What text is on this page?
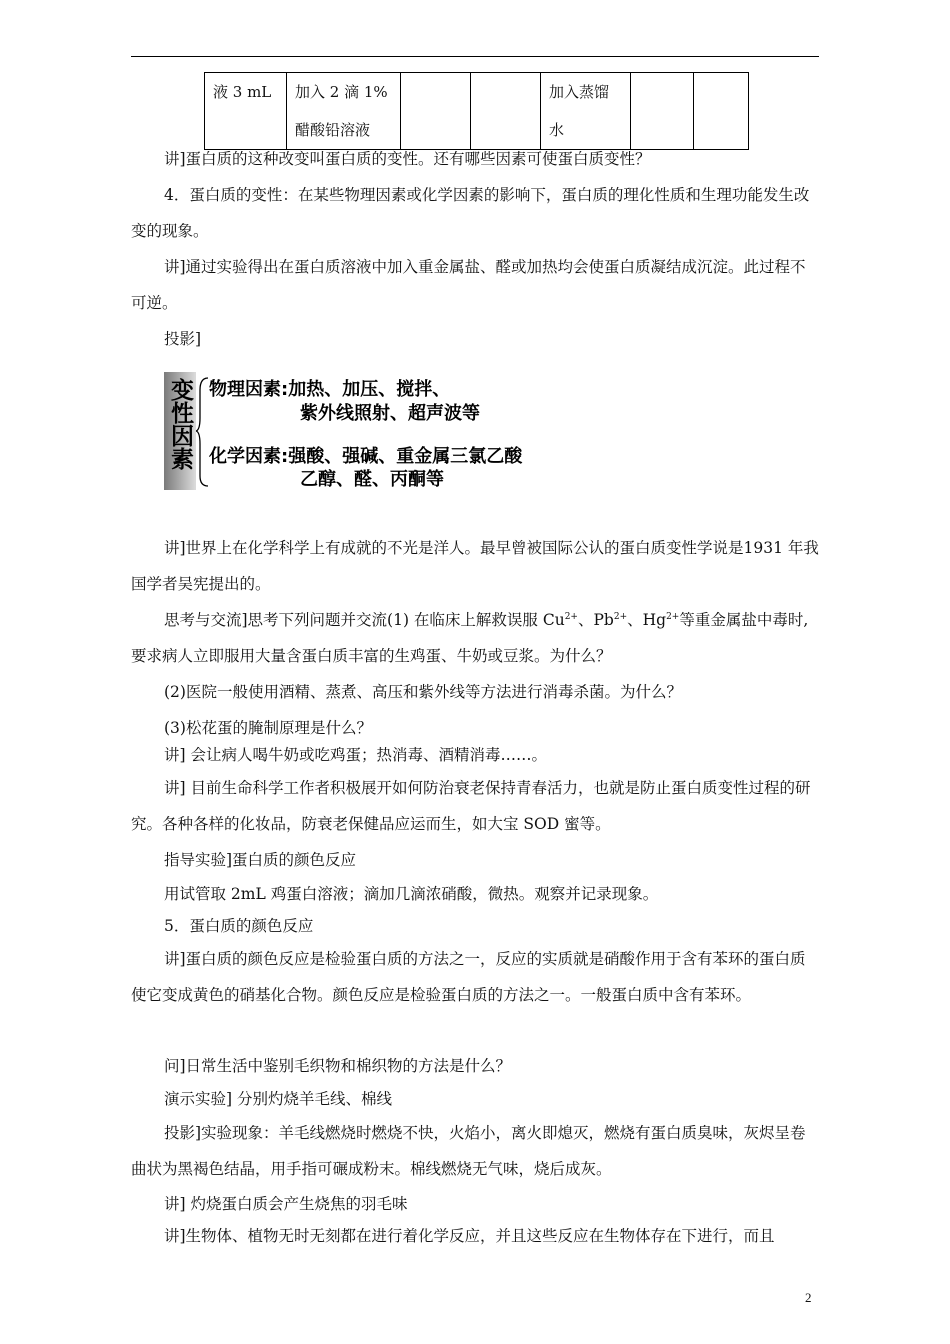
液 3 mL	加入 2 滴 1%醋酸铅溶液			加入蒸馏水		

讲]蛋白质的这种改变叫蛋白质的变性。还有哪些因素可使蛋白质变性？

4．蛋白质的变性：在某些物理因素或化学因素的影响下，蛋白质的理化性质和生理功能发生改变的现象。

讲]通过实验得出在蛋白质溶液中加入重金属盐、醛或加热均会使蛋白质凝结成沉淀。此过程不可逆。

投影]

变性因素 物理因素:加热、加压、搅拌、
紫外线照射、超声波等
化学因素:强酸、强碱、重金属三氯乙酸
乙醇、醛、丙酮等

讲]世界上在化学科学上有成就的不光是洋人。最早曾被国际公认的蛋白质变性学说是1931 年我国学者吴宪提出的。

思考与交流]思考下列问题并交流(1) 在临床上解救误服 $Cu^{2+}$、$Pb^{2+}$、$Hg^{2+}$等重金属盐中毒时,要求病人立即服用大量含蛋白质丰富的生鸡蛋、牛奶或豆浆。为什么？

(2)医院一般使用酒精、蒸煮、高压和紫外线等方法进行消毒杀菌。为什么？

(3)松花蛋的腌制原理是什么？

讲] 会让病人喝牛奶或吃鸡蛋；热消毒、酒精消毒……。

讲] 目前生命科学工作者积极展开如何防治衰老保持青春活力，也就是防止蛋白质变性过程的研究。各种各样的化妆品，防衰老保健品应运而生，如大宝 SOD 蜜等。

指导实验]蛋白质的颜色反应

用试管取 2mL 鸡蛋白溶液；滴加几滴浓硝酸，微热。观察并记录现象。

5．蛋白质的颜色反应

讲]蛋白质的颜色反应是检验蛋白质的方法之一，反应的实质就是硝酸作用于含有苯环的蛋白质使它变成黄色的硝基化合物。颜色反应是检验蛋白质的方法之一。一般蛋白质中含有苯环。

问]日常生活中鉴别毛织物和棉织物的方法是什么？

演示实验] 分别灼烧羊毛线、棉线

投影]实验现象：羊毛线燃烧时燃烧不快，火焰小，离火即熄灭，燃烧有蛋白质臭味，灰烬呈卷曲状为黑褐色结晶，用手指可碾成粉末。棉线燃烧无气味，烧后成灰。

讲] 灼烧蛋白质会产生烧焦的羽毛味

讲]生物体、植物无时无刻都在进行着化学反应，并且这些反应在生物体存在下进行，而且

2
